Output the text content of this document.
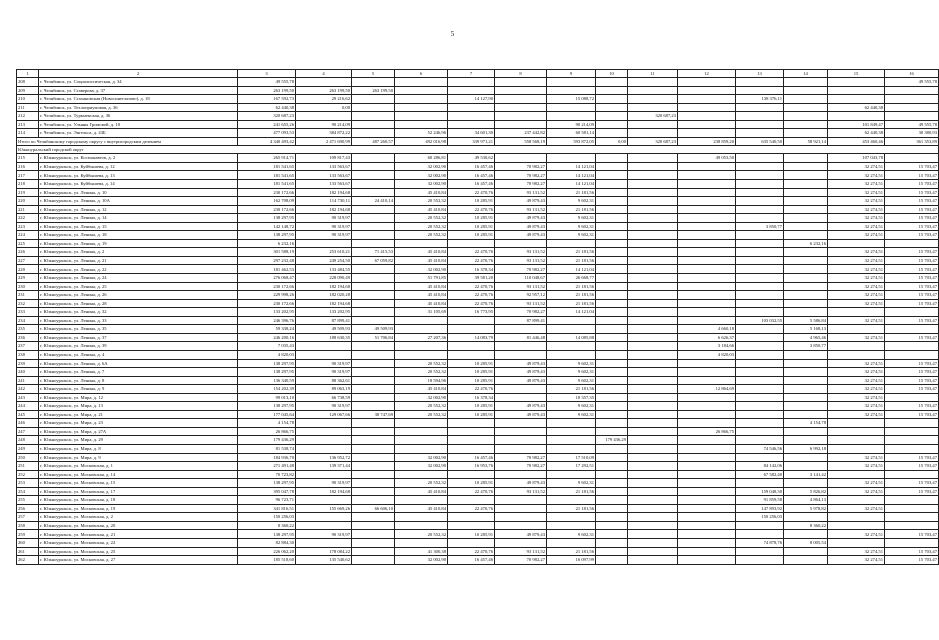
5
1	2	3	4	5	6	7	8	9	10	11	12	13	14	15	16
208	г. Челябинск, ул. Социалистическая, д. 34	49 555,78													49 555,78
209	г. Челябинск, ул. Ставерова, д. 37	263 199,50	263 199,50	263 199,50											
210	г. Челябинск, ул. Стахановская (Новосинеглазово), д. 18	167 592,73	29 216,62			14 127,90		15 088,72				138 376,11			
211	г. Челябинск, ул. Техлоприумовая, д. 36	62 440,38	0,00											62 440,38	
212	г. Челябинск, ул. Туркменская, д. 36	320 687,23								320 687,23					
213	г. Челябинск, ул. Ульяны Громовой, д. 10	241 655,26	90 214,09					90 214,09						101 849,47	49 555,78
214	г. Челябинск, ул. Энгельса, д. 43Б	477 093,53	384 872,22		52 246,96	34 601,30	237 442,82	60 581,14						62 440,38	30 380,93
Итого по Челябинскому городскому округу с внутригородским делением		4 340 493,42	2 471 690,99	487 260,57	492 016,98	339 971,21	558 568,19	593 872,05	0,00	320 687,23	238 859,20	635 540,50	58 921,14	453 460,46	361 353,89
Южноуральский городской округ															
215	г. Южноуральск, ул. Космонавтов, д. 2	265 914,71	109 817,43		60 286,81	49 530,62					49 053,50			107 043,78	
216	г. Южноуральск, ул. Куйбышева, д. 12	181 541,65	133 563,67		32 002,90	16 457,46	70 982,27	14 121,04						32 274,51	15 703,47
217	г. Южноуральск, ул. Куйбышева, д. 13	181 541,65	133 563,67		32 002,90	16 457,46	70 982,27	14 121,04						32 274,51	15 703,47
218	г. Южноуральск, ул. Куйбышева, д. 14	181 541,65	133 563,67		32 002,90	16 457,46	70 982,27	14 121,04						32 274,51	15 703,47
219	г. Южноуральск, ул. Ленина, д. 10	230 172,66	182 194,68		45 410,84	22 470,76	93 131,52	21 181,56						32 274,51	15 703,47
220	г. Южноуральск, ул. Ленина, д. 10А	162 708,09	114 730,11	24 410,14	20 552,32	10 285,91	49 879,43	9 602,31						32 274,51	15 703,47
221	г. Южноуральск, ул. Ленина, д. 12	230 172,66	182 194,68		45 410,84	22 470,76	93 131,52	21 181,56						32 274,51	15 703,47
222	г. Южноуральск, ул. Ленина, д. 14	138 297,95	90 319,97		20 552,32	10 285,91	49 879,43	9 602,31						32 274,51	15 703,47
223	г. Южноуральск, ул. Ленина, д. 15	142 148,72	90 319,97		20 552,32	10 285,91	49 879,43	9 602,31				3 850,77		32 274,51	15 703,47
224	г. Южноуральск, ул. Ленина, д. 18	138 297,95	90 319,97		20 552,32	10 285,91	49 879,43	9 602,31						32 274,51	15 703,47
225	г. Южноуральск, ул. Ленина, д. 19	6 232,16											6 232,16		
226	г. Южноуральск, ул. Ленина, д. 2	301 588,19	253 610,21	71 415,53	45 410,84	22 470,76	93 131,52	21 181,56						32 274,51	15 703,47
227	г. Южноуральск, ул. Ленина, д. 21	297 232,48	249 254,50	67 059,82	45 410,84	22 470,76	93 131,52	21 181,56						32 274,51	15 703,47
228	г. Южноуральск, ул. Ленина, д. 22	181 462,53	133 484,55		32 002,90	16 378,34	70 982,27	14 121,04						32 274,51	15 703,47
229	г. Южноуральск, ул. Ленина, д. 24	276 068,47	228 090,49		51 791,85	39 581,20	110 048,67	26 668,77						32 274,51	15 703,47
230	г. Южноуральск, ул. Ленина, д. 25	230 172,66	182 194,68		45 410,84	22 470,76	93 131,52	21 181,56						32 274,51	15 703,47
231	г. Южноуральск, ул. Ленина, д. 26	229 998,26	182 020,28		45 410,84	22 470,76	92 957,12	21 181,56						32 274,51	15 703,47
232	г. Южноуральск, ул. Ленина, д. 28	230 172,66	182 194,68		45 410,84	22 470,76	93 131,52	21 181,56						32 274,51	15 703,47
233	г. Южноуральск, ул. Ленина, д. 32	133 202,95	133 202,95		31 105,69	16 773,95	70 982,27	14 121,04							
234	г. Южноуральск, ул. Ленина, д. 33	246 396,76	87 899,41				87 899,41					103 032,55	5 586,84	32 274,51	15 703,47
235	г. Южноуральск, ул. Ленина, д. 35	59 338,24	49 509,93	49 509,93							4 660,18		5 168,13		
236	г. Южноуральск, ул. Ленина, д. 37	246 200,16	188 630,35	51 706,84	27 207,36	14 083,79	81 446,48	14 085,88			6 626,37		4 965,46	32 274,51	15 703,47
237	г. Южноуральск, ул. Ленина, д. 39	7 035,43									3 184,66		3 850,77		
238	г. Южноуральск, ул. Ленина, д. 4	4 820,03									4 820,03				
239	г. Южноуральск, ул. Ленина, д. 6А	138 297,95	90 319,97		20 552,32	10 285,91	49 879,43	9 602,31						32 274,51	15 703,47
240	г. Южноуральск, ул. Ленина, д. 7	138 297,95	90 319,97		20 552,32	10 285,91	49 879,43	9 602,31						32 274,51	15 703,47
241	г. Южноуральск, ул. Ленина, д. 8	136 340,59	88 362,61		18 594,96	10 285,91	49 879,43	9 602,31						32 274,51	15 703,47
242	г. Южноуральск, ул. Ленина, д. 9	154 202,39	89 063,19		45 410,84	22 470,76		21 181,56			12 864,69			32 274,51	15 703,47
243	г. Южноуральск, ул. Мира, д. 12	99 013,10	66 738,59		32 002,90	16 378,34		18 357,35						32 274,51	
244	г. Южноуральск, ул. Мира, д. 13	138 297,95	90 319,97		20 552,32	10 285,91	49 879,43	9 602,31						32 274,51	15 703,47
245	г. Южноуральск, ул. Мира, д. 21	177 045,64	129 067,66	38 747,69	20 552,32	10 285,91	49 879,43	9 602,31						32 274,51	15 703,47
246	г. Южноуральск, ул. Мира, д. 23	4 154,78											4 154,78		
247	г. Южноуральск, ул. Мира, д. 27А	26 866,75									26 866,75				
248	г. Южноуральск, ул. Мира, д. 29	179 436,29							179 436,29						
249	г. Южноуральск, ул. Мира, д. 8	81 538,74										74 546,56	6 992,18		
250	г. Южноуральск, ул. Мира, д. 9	184 936,70	136 952,72		32 002,90	16 457,46	70 982,27	17 510,09						32 274,51	15 703,47
251	г. Южноуральск, ул. Московская, д. 1	271 491,48	139 371,44		32 002,90	16 953,76	70 982,27	17 292,51				84 142,06		32 274,51	15 703,47
252	г. Южноуральск, ул. Московская, д. 14	70 723,82										67 582,40	3 141,42		
253	г. Южноуральск, ул. Московская, д. 15	138 297,95	90 319,97		20 552,32	10 285,91	49 879,43	9 602,31						32 274,51	15 703,47
254	г. Южноуральск, ул. Московская, д. 17	395 047,78	182 194,68		45 410,84	22 470,76	93 131,52	21 181,56				159 048,30	5 826,82	32 274,51	15 703,47
255	г. Южноуральск, ул. Московская, д. 18	96 723,71										91 859,58	4 864,13		
256	г. Южноуральск, ул. Московская, д. 19	341 816,51	155 669,26	66 606,10	45 410,84	22 470,76		21 181,56				147 893,92	5 978,82	32 274,51	
257	г. Южноуральск, ул. Московская, д. 2	150 256,03										150 256,03			
258	г. Южноуральск, ул. Московская, д. 20	8 360,22											8 360,22		
259	г. Южноуральск, ул. Московская, д. 21	138 297,95	90 319,97		20 552,32	10 285,91	49 879,43	9 602,31						32 274,51	15 703,47
260	г. Южноуральск, ул. Московская, д. 22	82 884,30										74 878,76	8 005,54		
261	г. Южноуральск, ул. Московская, д. 25	226 062,20	178 084,22		41 300,38	22 470,76	93 131,52	21 181,56						32 274,51	15 703,47
262	г. Южноуральск, ул. Московская, д. 27	185 518,60	135 540,62		32 002,90	16 457,46	70 982,27	16 097,99						32 274,51	15 703,47
